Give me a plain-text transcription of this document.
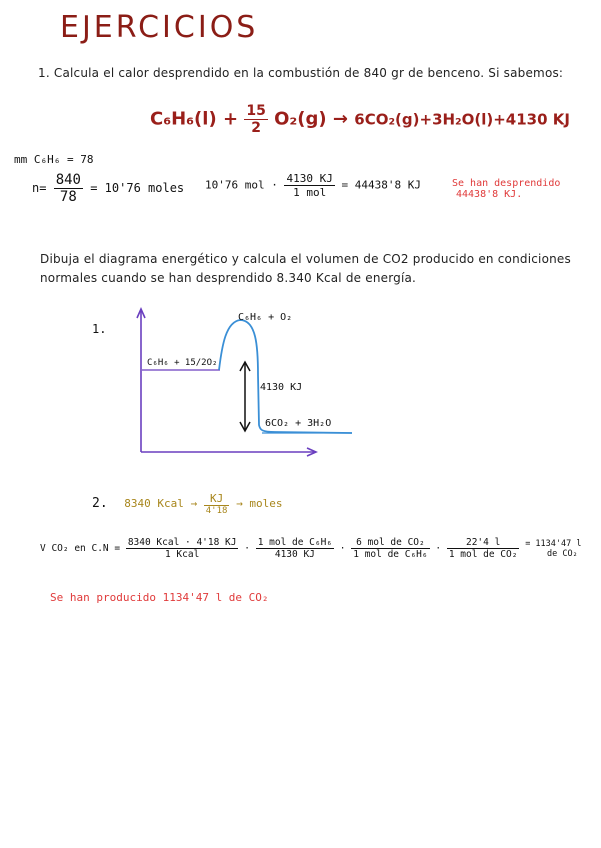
EJERCICIOS
1. Calcula el calor desprendido en la combustión de 840 gr de benceno. Si sabemos:
$C_6H_6(l) + \frac{15}{2} O_2(g) \to 6CO_2(g)+3H_2O(l)+4130$ KJ
mm C₆H₆ = 78
$n= \frac{840}{78} = 10'76$ moles 10'76 mol · $\frac{4130 KJ}{\text{1 mol}} = 44438'8$ KJ	Se han desprendido
44438'8 KJ.
Dibuja el diagrama energético y calcula el volumen de CO2 producido en condiciones
normales cuando se han desprendido 8.340 Kcal de energía.
1.
C₆H₆ + O₂
C₆H₆ + 15/2O₂
4130 KJ
6CO₂ + 3H₂O
2. 8340 Kcal → $\frac{KJ}{4'18}$ → moles
V CO₂ en $C.N = \frac{\text{8340 Kcal · 4'18 KJ}}{\text{1 Kcal}} \cdot \frac{\text{1 mol de C₆H₆}}{4130 KJ} \cdot \frac{\text{6 mol de CO₂}}{\text{1 mol de C₆H₆}} \cdot \frac{22'4 l}{\text{1 mol de CO₂}} = 1134'47$ l
de CO₂
Se han producido 1134'47 l de CO₂
